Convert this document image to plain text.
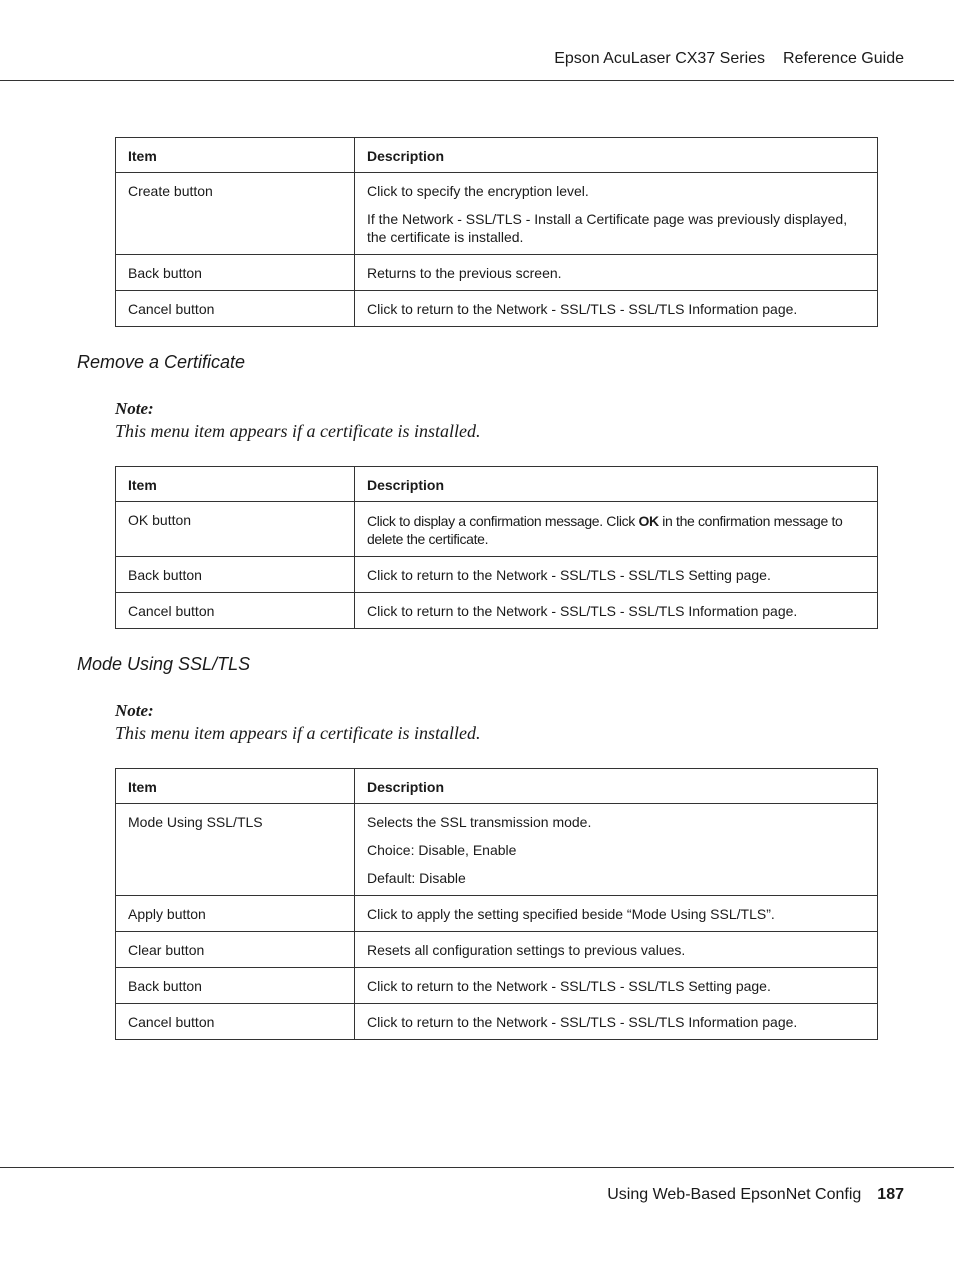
Epson AcuLaser CX37 Series Reference Guide
Item	Description
Create button	Click to specify the encryption level.

If the Network - SSL/TLS - Install a Certificate page was previously displayed, the certificate is installed.

Back button	Returns to the previous screen.

Cancel button	Click to return to the Network - SSL/TLS - SSL/TLS Information page.

Remove a Certificate
Note:
This menu item appears if a certificate is installed.
Item	Description
OK button	Click to display a confirmation message. Click OK in the confirmation message to delete the certificate.
Back button	Click to return to the Network - SSL/TLS - SSL/TLS Setting page.
Cancel button	Click to return to the Network - SSL/TLS - SSL/TLS Information page.
Mode Using SSL/TLS
Note:
This menu item appears if a certificate is installed.
Item	Description
Mode Using SSL/TLS	Selects the SSL transmission mode.

Choice: Disable, Enable

Default: Disable

Apply button	Click to apply the setting specified beside “Mode Using SSL/TLS”.

Clear button	Resets all configuration settings to previous values.

Back button	Click to return to the Network - SSL/TLS - SSL/TLS Setting page.

Cancel button	Click to return to the Network - SSL/TLS - SSL/TLS Information page.

Using Web-Based EpsonNet Config 187
